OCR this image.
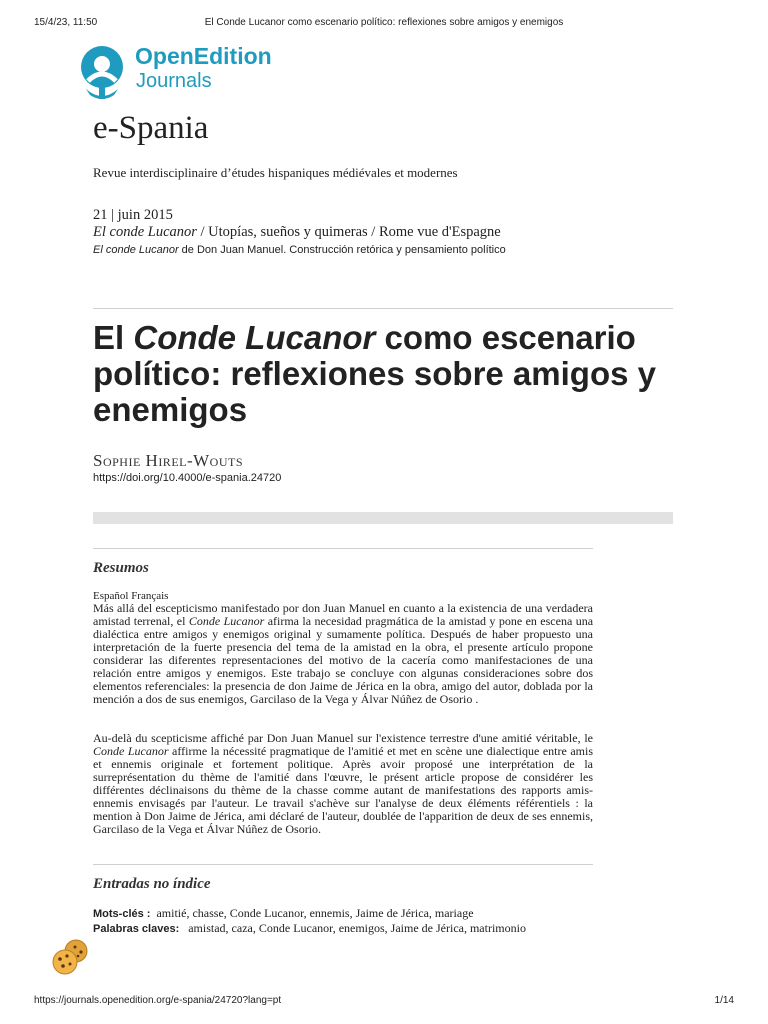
El Conde Lucanor como escenario político: reflexiones sobre amigos y enemigos
15/4/23, 11:50
OpenEdition
Journals
e-Spania
Revue interdisciplinaire d’études hispaniques médiévales et modernes
21 | juin 2015
El conde Lucanor / Utopías, sueños y quimeras / Rome vue d'Espagne
El conde Lucanor de Don Juan Manuel. Construcción retórica y pensamiento político
El Conde Lucanor como escenario político: reflexiones sobre amigos y enemigos
Sophie Hirel-Wouts
https://doi.org/10.4000/e-spania.24720
Resumos
Español Français
Más allá del escepticismo manifestado por don Juan Manuel en cuanto a la existencia de una verdadera amistad terrenal, el Conde Lucanor afirma la necesidad pragmática de la amistad y pone en escena una dialéctica entre amigos y enemigos original y sumamente política. Después de haber propuesto una interpretación de la fuerte presencia del tema de la amistad en la obra, el presente artículo propone considerar las diferentes representaciones del motivo de la cacería como manifestaciones de una relación entre amigos y enemigos. Este trabajo se concluye con algunas consideraciones sobre dos elementos referenciales: la presencia de don Jaime de Jérica en la obra, amigo del autor, doblada por la mención a dos de sus enemigos, Garcilaso de la Vega y Álvar Núñez de Osorio .
Au-delà du scepticisme affiché par Don Juan Manuel sur l'existence terrestre d'une amitié véritable, le Conde Lucanor affirme la nécessité pragmatique de l'amitié et met en scène une dialectique entre amis et ennemis originale et fortement politique. Après avoir proposé une interprétation de la surreprésentation du thème de l'amitié dans l'œuvre, le présent article propose de considérer les différentes déclinaisons du thème de la chasse comme autant de manifestations des rapports amis-ennemis envisagés par l'auteur. Le travail s'achève sur l'analyse de deux éléments référentiels : la mention à Don Jaime de Jérica, ami déclaré de l'auteur, doublée de l'apparition de deux de ses ennemis, Garcilaso de la Vega et Álvar Núñez de Osorio.
Entradas no índice
Mots-clés : amitié, chasse, Conde Lucanor, ennemis, Jaime de Jérica, mariage
Palabras claves: amistad, caza, Conde Lucanor, enemigos, Jaime de Jérica, matrimonio
https://journals.openedition.org/e-spania/24720?lang=pt	1/14
